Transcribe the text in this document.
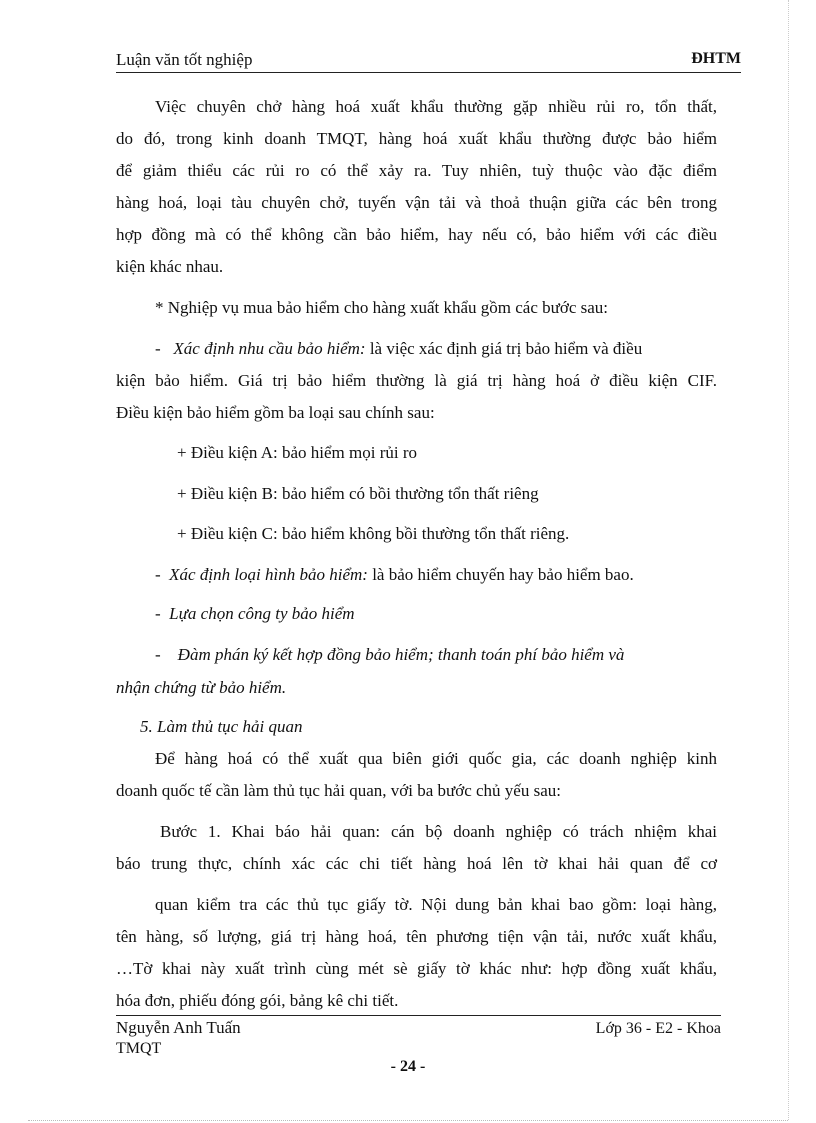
Luận văn tốt nghiệp	ĐHTM
Việc chuyên chở hàng hoá xuất khẩu thường gặp nhiều rủi ro, tổn thất,
do đó, trong kinh doanh TMQT, hàng hoá xuất khẩu thường được bảo hiểm
để giảm thiểu các rủi ro có thể xảy ra. Tuy nhiên, tuỳ thuộc vào đặc điểm
hàng hoá, loại tàu chuyên chở, tuyến vận tải và thoả thuận giữa các bên trong
hợp đồng mà có thể không cần bảo hiểm, hay nếu có, bảo hiểm với các điều
kiện khác nhau.
* Nghiệp vụ mua bảo hiểm cho hàng xuất khẩu gồm các bước sau:
- Xác định nhu cầu bảo hiểm: là việc xác định giá trị bảo hiểm và điều
kiện bảo hiểm. Giá trị bảo hiểm thường là giá trị hàng hoá ở điều kiện CIF.
Điều kiện bảo hiểm gồm ba loại sau chính sau:
+ Điều kiện A: bảo hiểm mọi rủi ro
+ Điều kiện B: bảo hiểm có bồi thường tổn thất riêng
+ Điều kiện C: bảo hiểm không bồi thường tổn thất riêng.
- Xác định loại hình bảo hiểm: là bảo hiểm chuyến hay bảo hiểm bao.
- Lựa chọn công ty bảo hiểm
- Đàm phán ký kết hợp đồng bảo hiểm; thanh toán phí bảo hiểm và
nhận chứng từ bảo hiểm.
5. Làm thủ tục hải quan
Để hàng hoá có thể xuất qua biên giới quốc gia, các doanh nghiệp kinh
doanh quốc tế cần làm thủ tục hải quan, với ba bước chủ yếu sau:
Bước 1. Khai báo hải quan: cán bộ doanh nghiệp có trách nhiệm khai
báo trung thực, chính xác các chi tiết hàng hoá lên tờ khai hải quan để cơ
quan kiểm tra các thủ tục giấy tờ. Nội dung bản khai bao gồm: loại hàng,
tên hàng, số lượng, giá trị hàng hoá, tên phương tiện vận tải, nước xuất khẩu,
…Tờ khai này xuất trình cùng mét sè giấy tờ khác như: hợp đồng xuất khẩu,
hóa đơn, phiếu đóng gói, bảng kê chi tiết.
Nguyễn Anh Tuấn	Lớp 36 - E2 - Khoa
TMQT
- 24 -
